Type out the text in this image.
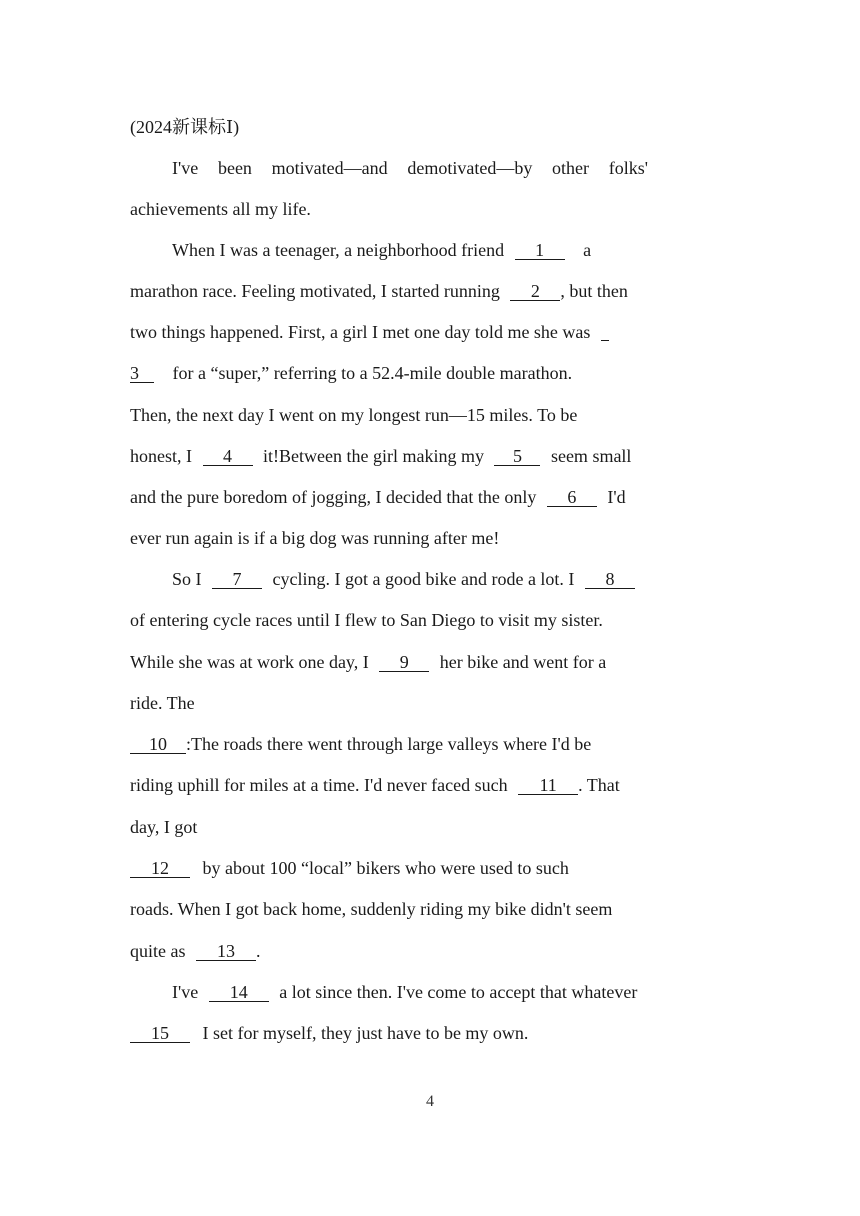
(2024新课标Ⅰ)
I've been motivated—and demotivated—by other folks'
achievements all my life.
When I was a teenager, a neighborhood friend 1 a
marathon race. Feeling motivated, I started running 2 , but then
two things happened. First, a girl I met one day told me she was
3 for a “super,” referring to a 52.4-mile double marathon.
Then, the next day I went on my longest run—15 miles. To be
honest, I 4 it!Between the girl making my 5 seem small
and the pure boredom of jogging, I decided that the only 6 I'd
ever run again is if a big dog was running after me!
So I 7 cycling. I got a good bike and rode a lot. I 8
of entering cycle races until I flew to San Diego to visit my sister.
While she was at work one day, I 9 her bike and went for a
ride. The
10 :The roads there went through large valleys where I'd be
riding uphill for miles at a time. I'd never faced such 11 . That
day, I got
12 by about 100 “local” bikers who were used to such
roads. When I got back home, suddenly riding my bike didn't seem
quite as 13 .
I've 14 a lot since then. I've come to accept that whatever
15 I set for myself, they just have to be my own.
4
